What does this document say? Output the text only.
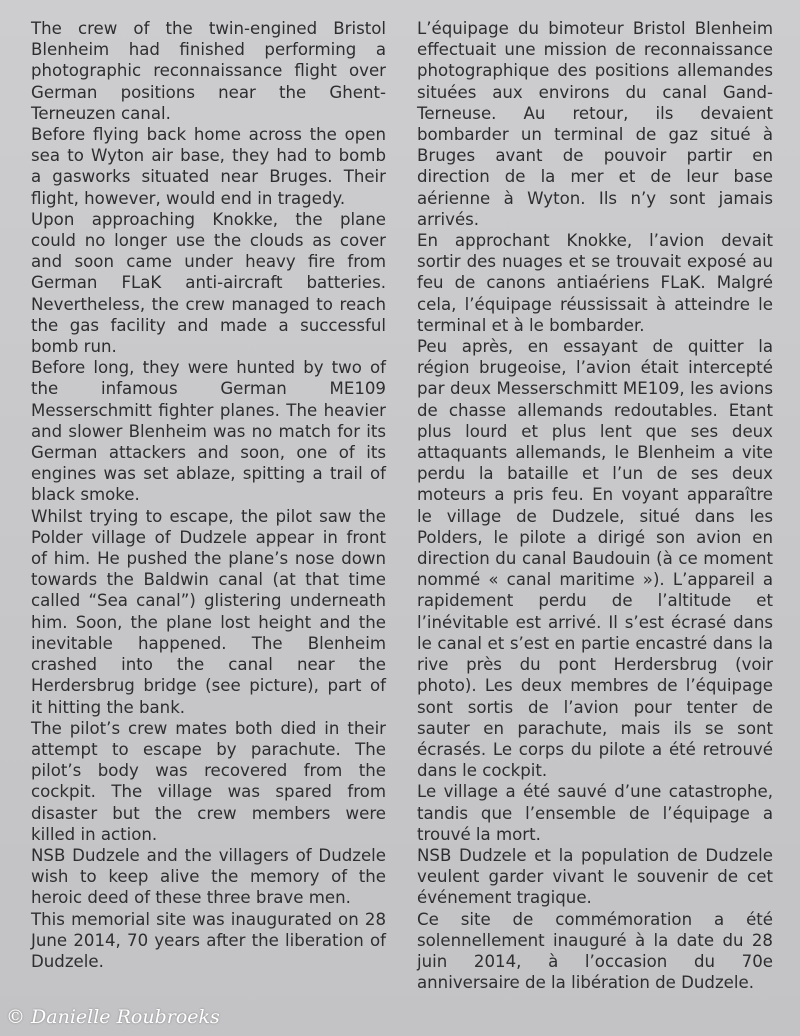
The crew of the twin-engined Bristol Blenheim had finished performing a photographic reconnaissance flight over German positions near the Ghent-Terneuzen canal.

Before flying back home across the open sea to Wyton air base, they had to bomb a gasworks situated near Bruges. Their flight, however, would end in tragedy.

Upon approaching Knokke, the plane could no longer use the clouds as cover and soon came under heavy fire from German FLaK anti-aircraft batteries. Nevertheless, the crew managed to reach the gas facility and made a successful bomb run.

Before long, they were hunted by two of the infamous German ME109 Messerschmitt fighter planes. The heavier and slower Blenheim was no match for its German attackers and soon, one of its engines was set ablaze, spitting a trail of black smoke.

Whilst trying to escape, the pilot saw the Polder village of Dudzele appear in front of him. He pushed the plane’s nose down towards the Baldwin canal (at that time called “Sea canal”) glistering underneath him. Soon, the plane lost height and the inevitable happened. The Blenheim crashed into the canal near the Herdersbrug bridge (see picture), part of it hitting the bank.

The pilot’s crew mates both died in their attempt to escape by parachute. The pilot’s body was recovered from the cockpit. The village was spared from disaster but the crew members were killed in action.

NSB Dudzele and the villagers of Dudzele wish to keep alive the memory of the heroic deed of these three brave men.

This memorial site was inaugurated on 28 June 2014, 70 years after the liberation of Dudzele.

L’équipage du bimoteur Bristol Blenheim effectuait une mission de reconnaissance photographique des positions allemandes situées aux environs du canal Gand-Terneuse. Au retour, ils devaient bombarder un terminal de gaz situé à Bruges avant de pouvoir partir en direction de la mer et de leur base aérienne à Wyton. Ils n’y sont jamais arrivés.

En approchant Knokke, l’avion devait sortir des nuages et se trouvait exposé au feu de canons antiaériens FLaK. Malgré cela, l’équipage réussissait à atteindre le terminal et à le bombarder.

Peu après, en essayant de quitter la région brugeoise, l’avion était intercepté par deux Messerschmitt ME109, les avions de chasse allemands redoutables. Etant plus lourd et plus lent que ses deux attaquants allemands, le Blenheim a vite perdu la bataille et l’un de ses deux moteurs a pris feu. En voyant apparaître le village de Dudzele, situé dans les Polders, le pilote a dirigé son avion en direction du canal Baudouin (à ce moment nommé « canal maritime »). L’appareil a rapidement perdu de l’altitude et l’inévitable est arrivé. Il s’est écrasé dans le canal et s’est en partie encastré dans la rive près du pont Herdersbrug (voir photo). Les deux membres de l’équipage sont sortis de l’avion pour tenter de sauter en parachute, mais ils se sont écrasés. Le corps du pilote a été retrouvé dans le cockpit.

Le village a été sauvé d’une catastrophe, tandis que l’ensemble de l’équipage a trouvé la mort.

NSB Dudzele et la population de Dudzele veulent garder vivant le souvenir de cet événement tragique.

Ce site de commémoration a été solennellement inauguré à la date du 28 juin 2014, à l’occasion du 70e anniversaire de la libération de Dudzele.

© Danielle Roubroeks
